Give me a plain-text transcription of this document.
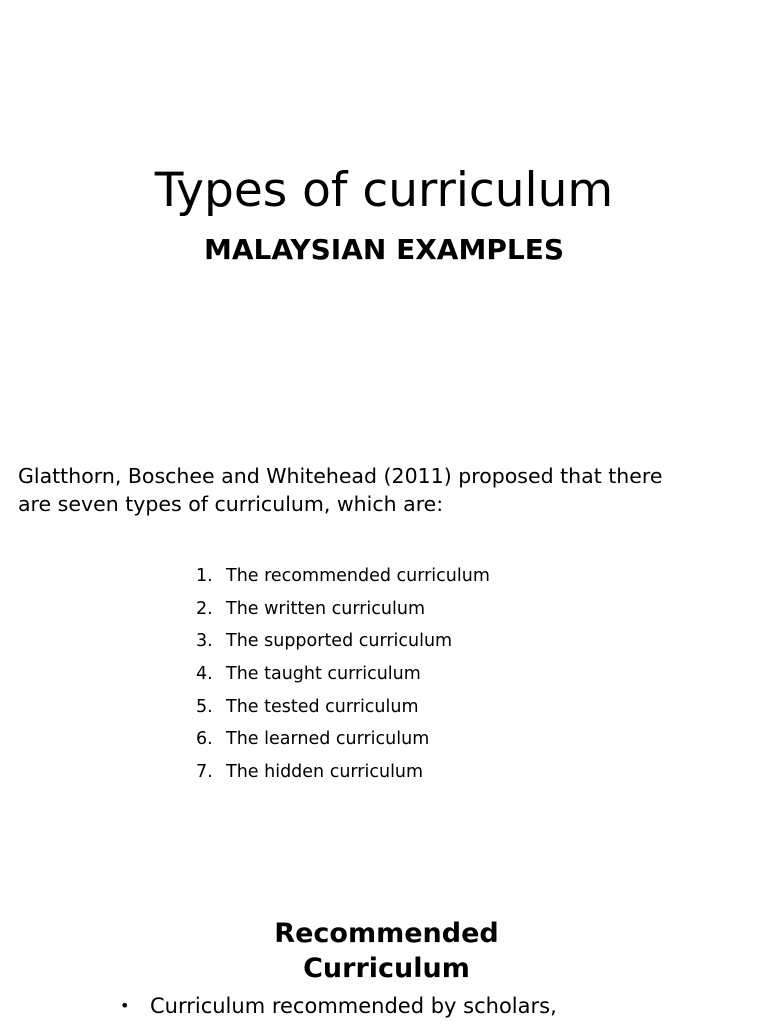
Types of curriculum
MALAYSIAN EXAMPLES

Glatthorn, Boschee and Whitehead (2011) proposed that there
are seven types of curriculum, which are:

1. The recommended curriculum
2. The written curriculum
3. The supported curriculum
4. The taught curriculum
5. The tested curriculum
6. The learned curriculum
7. The hidden curriculum
Recommended
Curriculum
• Curriculum recommended by scholars,
